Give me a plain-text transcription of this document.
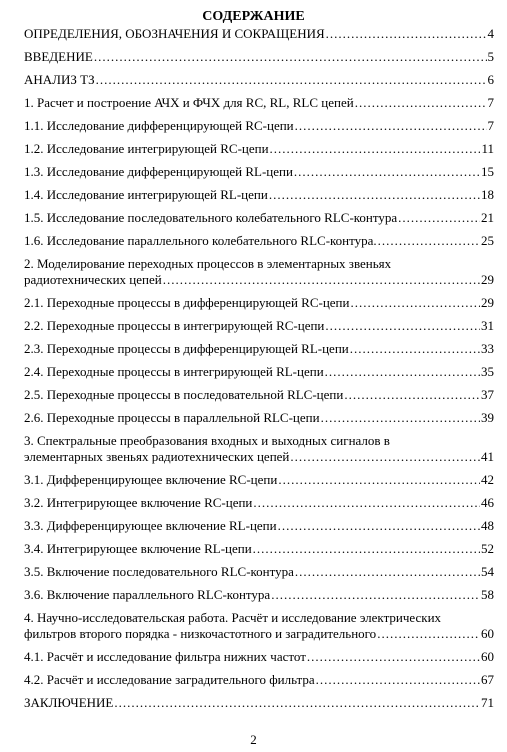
СОДЕРЖАНИЕ
ОПРЕДЕЛЕНИЯ, ОБОЗНАЧЕНИЯ И СОКРАЩЕНИЯ .....	4
ВВЕДЕНИЕ .....	5
АНАЛИЗ ТЗ .....	6
1. Расчет и построение АЧХ и ФЧХ для RC, RL, RLC цепей .....	7
1.1. Исследование дифференцирующей RC-цепи .....	7
1.2. Исследование интегрирующей RC-цепи .....	11
1.3. Исследование дифференцирующей RL-цепи .....	15
1.4. Исследование интегрирующей RL-цепи .....	18
1.5. Исследование последовательного колебательного RLC-контура .....	21
1.6. Исследование параллельного колебательного RLC-контура. .....	25
2. Моделирование переходных процессов в элементарных звеньях
радиотехнических цепей .....	29
2.1. Переходные процессы в дифференцирующей RC-цепи .....	29
2.2. Переходные процессы в интегрирующей RC-цепи .....	31
2.3. Переходные процессы в дифференцирующей RL-цепи .....	33
2.4. Переходные процессы в интегрирующей RL-цепи .....	35
2.5. Переходные процессы в последовательной RLC-цепи .....	37
2.6. Переходные процессы в параллельной RLC-цепи .....	39
3. Спектральные преобразования входных и выходных сигналов в
элементарных звеньях радиотехнических цепей .....	41
3.1. Дифференцирующее включение RC-цепи .....	42
3.2. Интегрирующее включение RC-цепи .....	46
3.3. Дифференцирующее включение RL-цепи .....	48
3.4. Интегрирующее включение RL-цепи .....	52
3.5. Включение последовательного RLC-контура .....	54
3.6. Включение параллельного RLC-контура .....	58
4. Научно-исследовательская работа. Расчёт и исследование электрических
фильтров второго порядка - низкочастотного и заградительного .....	60
4.1. Расчёт и исследование фильтра нижних частот .....	60
4.2. Расчёт и исследование заградительного фильтра .....	67
ЗАКЛЮЧЕНИЕ .....	71
2
